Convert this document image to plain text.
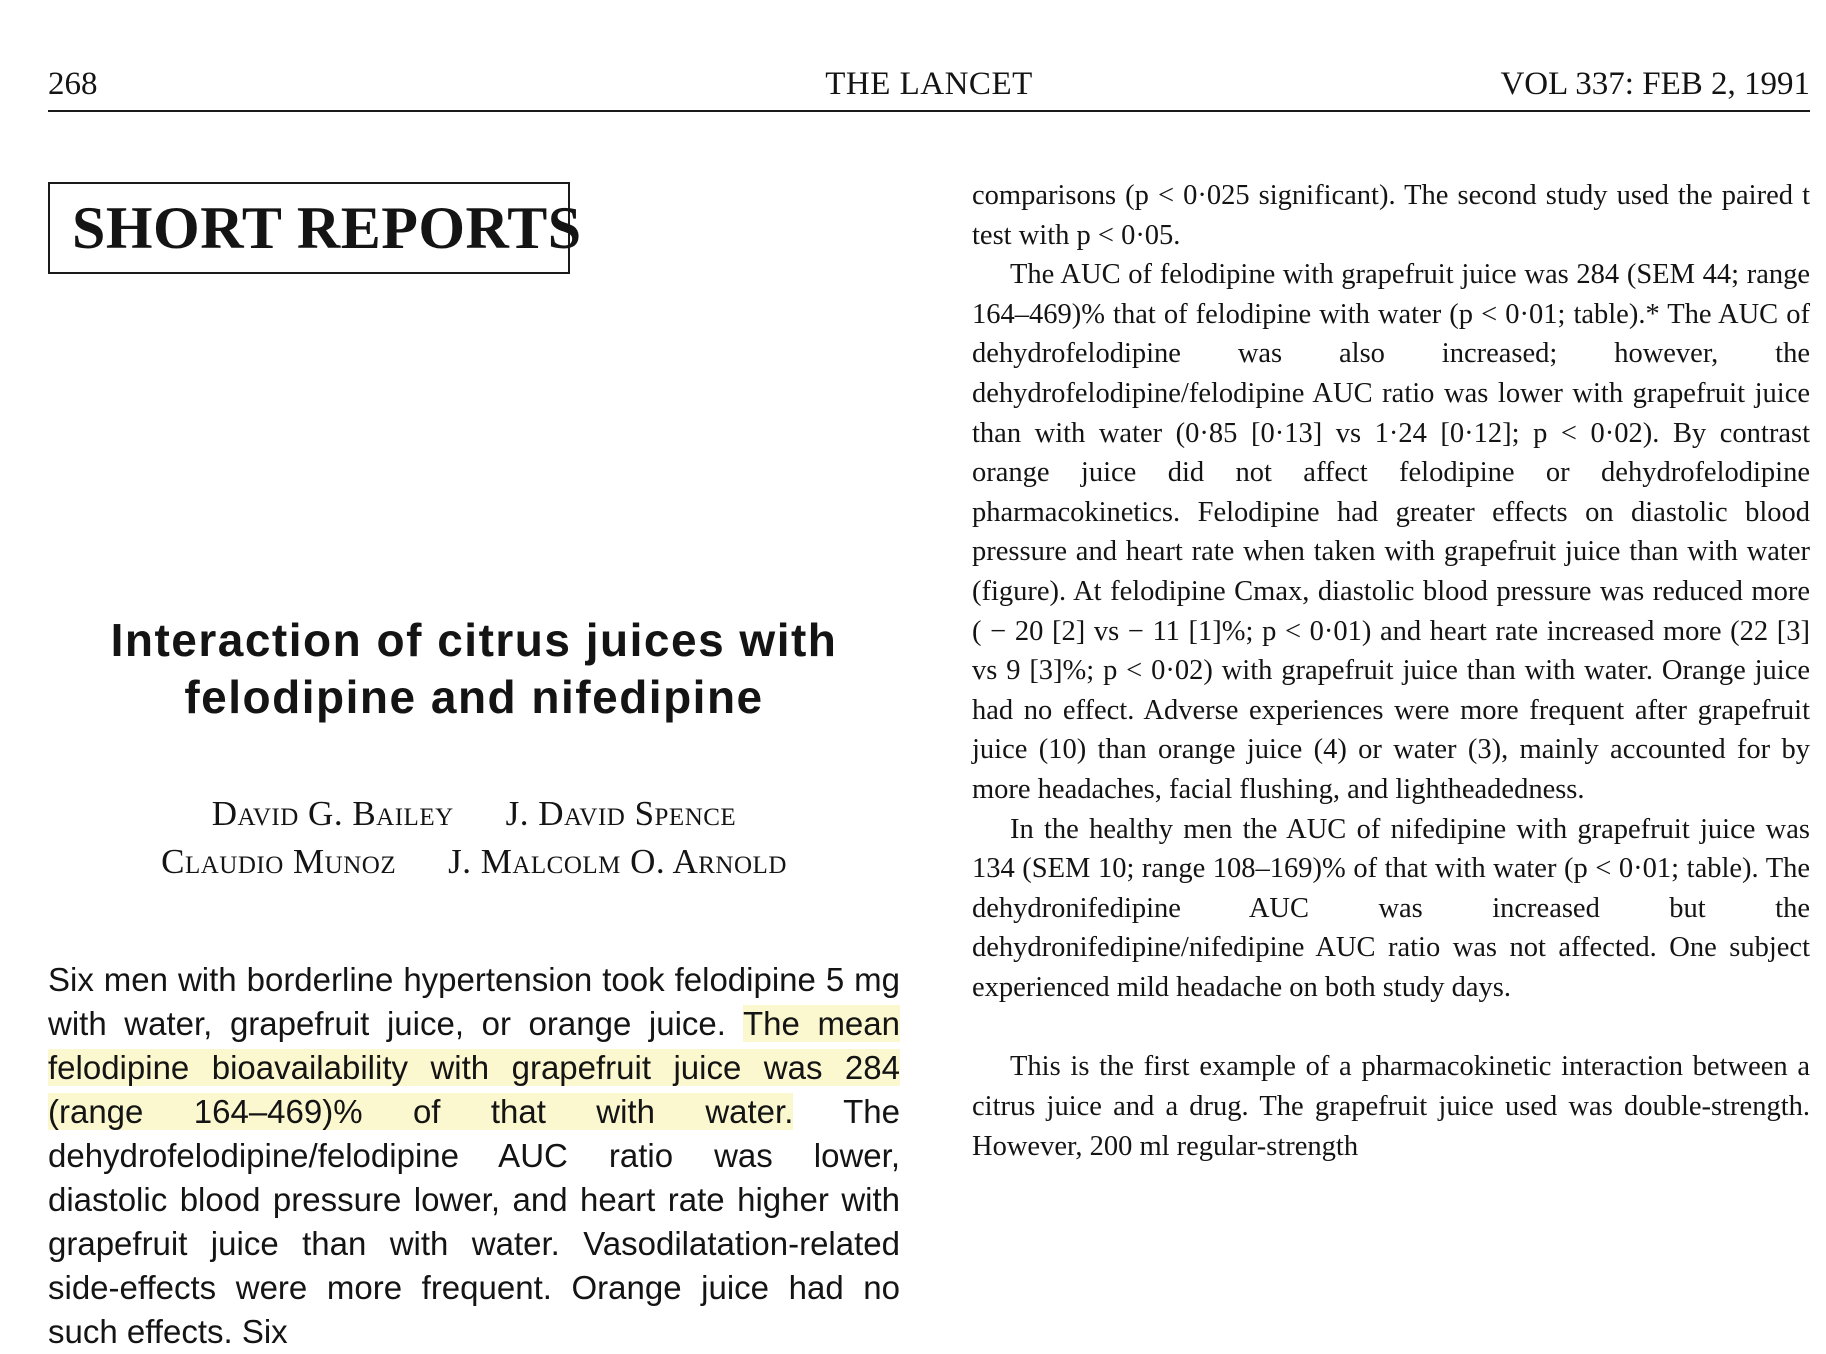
268	THE LANCET	VOL 337: FEB 2, 1991
SHORT REPORTS
Interaction of citrus juices with
felodipine and nifedipine
David G. Bailey J. David Spence
Claudio Munoz J. Malcolm O. Arnold
Six men with borderline hypertension took felodipine 5 mg with water, grapefruit juice, or orange juice. The mean felodipine bioavailability with grapefruit juice was 284 (range 164–469)% of that with water. The dehydrofelodipine/felodipine AUC ratio was lower, diastolic blood pressure lower, and heart rate higher with grapefruit juice than with water. Vasodilatation-related side-effects were more frequent. Orange juice had no such effects. Six

comparisons (p < 0·025 significant). The second study used the paired t test with p < 0·05.

The AUC of felodipine with grapefruit juice was 284 (SEM 44; range 164–469)% that of felodipine with water (p < 0·01; table).* The AUC of dehydrofelodipine was also increased; however, the dehydrofelodipine/felodipine AUC ratio was lower with grapefruit juice than with water (0·85 [0·13] vs 1·24 [0·12]; p < 0·02). By contrast orange juice did not affect felodipine or dehydrofelodipine pharmacokinetics. Felodipine had greater effects on diastolic blood pressure and heart rate when taken with grapefruit juice than with water (figure). At felodipine Cmax, diastolic blood pressure was reduced more ( − 20 [2] vs − 11 [1]%; p < 0·01) and heart rate increased more (22 [3] vs 9 [3]%; p < 0·02) with grapefruit juice than with water. Orange juice had no effect. Adverse experiences were more frequent after grapefruit juice (10) than orange juice (4) or water (3), mainly accounted for by more headaches, facial flushing, and lightheadedness.

In the healthy men the AUC of nifedipine with grapefruit juice was 134 (SEM 10; range 108–169)% of that with water (p < 0·01; table). The dehydronifedipine AUC was increased but the dehydronifedipine/nifedipine AUC ratio was not affected. One subject experienced mild headache on both study days.

This is the first example of a pharmacokinetic interaction between a citrus juice and a drug. The grapefruit juice used was double-strength. However, 200 ml regular-strength
